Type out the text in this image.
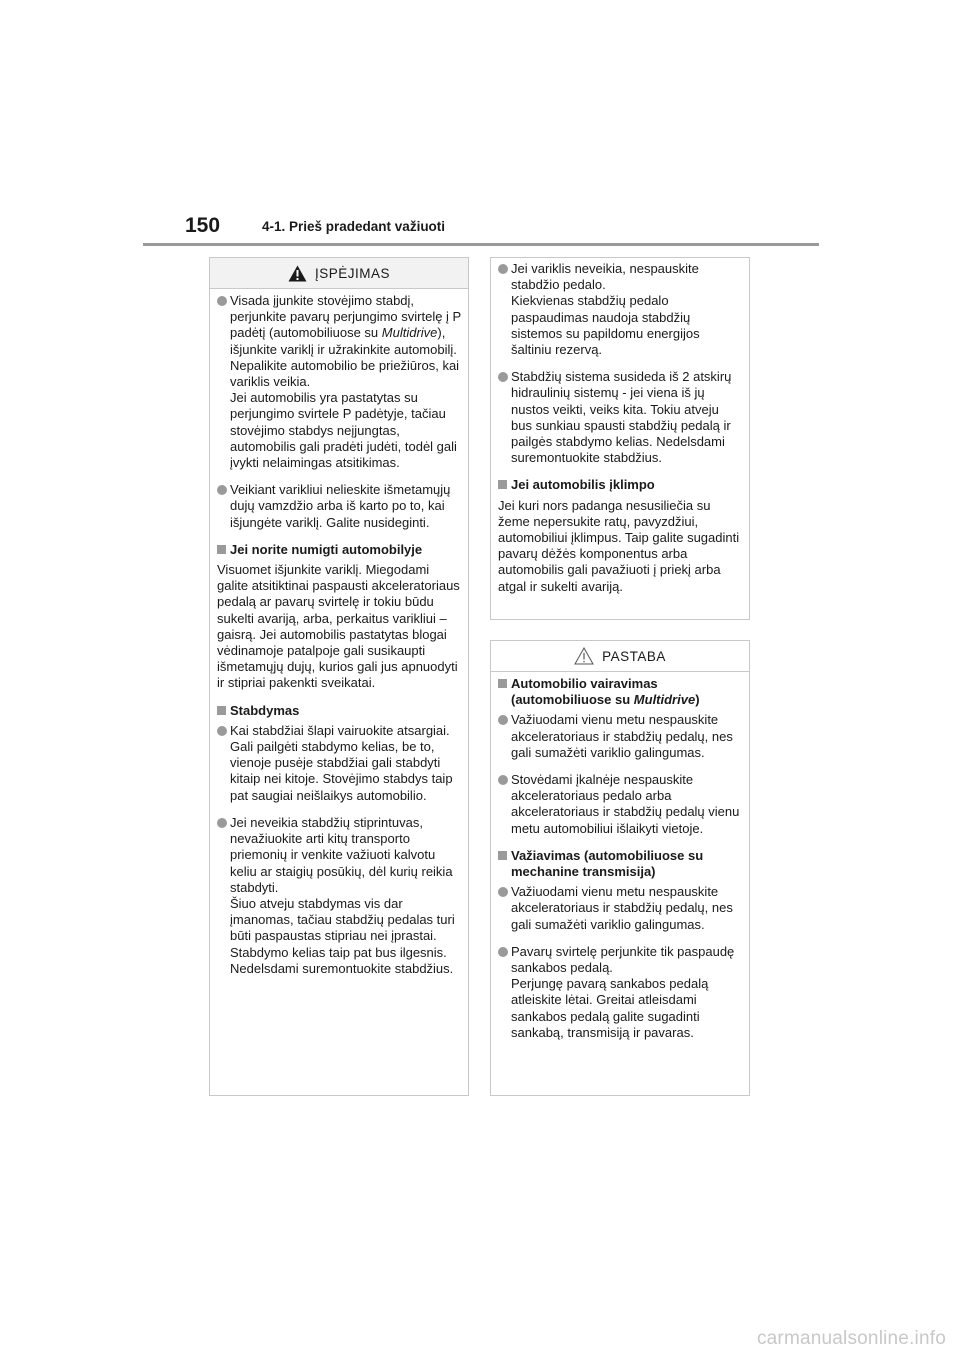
150	4-1. Prieš pradedant važiuoti
ĮSPĖJIMAS

Visada įjunkite stovėjimo stabdį, perjunkite pavarų perjungimo svirtelę į P padėtį (automobiliuose su Multidrive), išjunkite variklį ir užrakinkite automobilį.

Nepalikite automobilio be priežiūros, kai variklis veikia.

Jei automobilis yra pastatytas su perjungimo svirtele P padėtyje, tačiau stovėjimo stabdys neįjungtas, automobilis gali pradėti judėti, todėl gali įvykti nelaimingas atsitikimas.

Veikiant varikliui nelieskite išmetamųjų dujų vamzdžio arba iš karto po to, kai išjungėte variklį. Galite nusideginti.

Jei norite numigti automobilyje

Visuomet išjunkite variklį. Miegodami galite atsitiktinai paspausti akceleratoriaus pedalą ar pavarų svirtelę ir tokiu būdu sukelti avariją, arba, perkaitus varikliui – gaisrą. Jei automobilis pastatytas blogai vėdinamoje patalpoje gali susikaupti išmetamųjų dujų, kurios gali jus apnuodyti ir stipriai pakenkti sveikatai.

Stabdymas

Kai stabdžiai šlapi vairuokite atsargiai.

Gali pailgėti stabdymo kelias, be to, vienoje pusėje stabdžiai gali stabdyti kitaip nei kitoje. Stovėjimo stabdys taip pat saugiai neišlaikys automobilio.

Jei neveikia stabdžių stiprintuvas, nevažiuokite arti kitų transporto priemonių ir venkite važiuoti kalvotu keliu ar staigių posūkių, dėl kurių reikia stabdyti.

Šiuo atveju stabdymas vis dar įmanomas, tačiau stabdžių pedalas turi būti paspaustas stipriau nei įprastai. Stabdymo kelias taip pat bus ilgesnis. Nedelsdami suremontuokite stabdžius.

Jei variklis neveikia, nespauskite stabdžio pedalo.

Kiekvienas stabdžių pedalo paspaudimas naudoja stabdžių sistemos su papildomu energijos šaltiniu rezervą.

Stabdžių sistema susideda iš 2 atskirų hidraulinių sistemų - jei viena iš jų nustos veikti, veiks kita. Tokiu atveju bus sunkiau spausti stabdžių pedalą ir pailgės stabdymo kelias. Nedelsdami suremontuokite stabdžius.

Jei automobilis įklimpo

Jei kuri nors padanga nesusiliečia su žeme nepersukite ratų, pavyzdžiui, automobiliui įklimpus. Taip galite sugadinti pavarų dėžės komponentus arba automobilis gali pavažiuoti į priekį arba atgal ir sukelti avariją.

PASTABA
Automobilio vairavimas (automobiliuose su Multidrive)

Važiuodami vienu metu nespauskite akceleratoriaus ir stabdžių pedalų, nes gali sumažėti variklio galingumas.

Stovėdami įkalnėje nespauskite akceleratoriaus pedalo arba akceleratoriaus ir stabdžių pedalų vienu metu automobiliui išlaikyti vietoje.

Važiavimas (automobiliuose su mechanine transmisija)

Važiuodami vienu metu nespauskite akceleratoriaus ir stabdžių pedalų, nes gali sumažėti variklio galingumas.

Pavarų svirtelę perjunkite tik paspaudę sankabos pedalą.

Perjungę pavarą sankabos pedalą atleiskite lėtai. Greitai atleisdami sankabos pedalą galite sugadinti sankabą, transmisiją ir pavaras.

carmanualsonline.info
